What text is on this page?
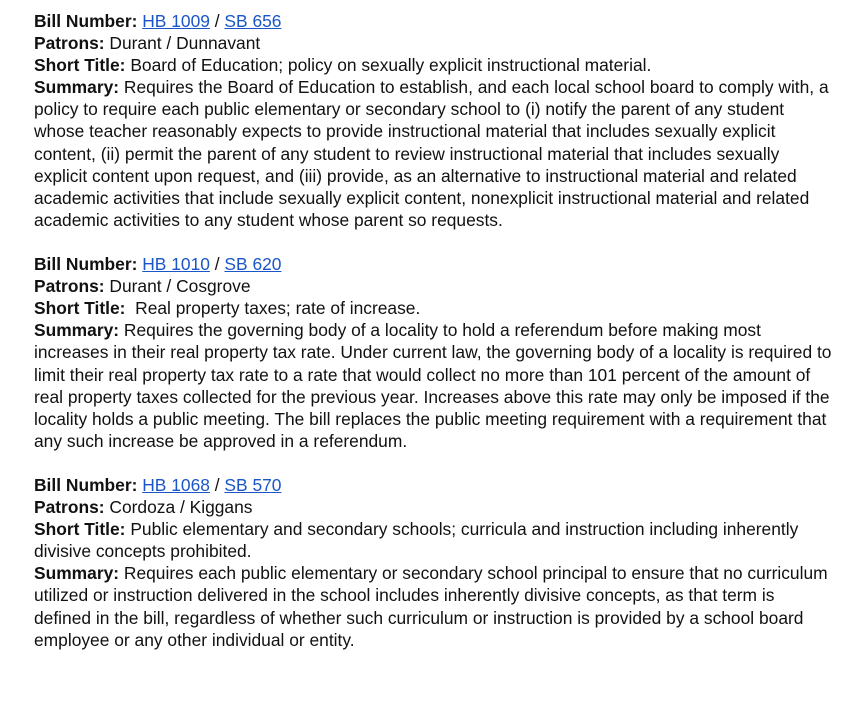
Bill Number: HB 1009 / SB 656
Patrons: Durant / Dunnavant
Short Title: Board of Education; policy on sexually explicit instructional material.
Summary: Requires the Board of Education to establish, and each local school board to comply with, a policy to require each public elementary or secondary school to (i) notify the parent of any student whose teacher reasonably expects to provide instructional material that includes sexually explicit content, (ii) permit the parent of any student to review instructional material that includes sexually explicit content upon request, and (iii) provide, as an alternative to instructional material and related academic activities that include sexually explicit content, nonexplicit instructional material and related academic activities to any student whose parent so requests.
Bill Number: HB 1010 / SB 620
Patrons: Durant / Cosgrove
Short Title: Real property taxes; rate of increase.
Summary: Requires the governing body of a locality to hold a referendum before making most increases in their real property tax rate. Under current law, the governing body of a locality is required to limit their real property tax rate to a rate that would collect no more than 101 percent of the amount of real property taxes collected for the previous year. Increases above this rate may only be imposed if the locality holds a public meeting. The bill replaces the public meeting requirement with a requirement that any such increase be approved in a referendum.
Bill Number: HB 1068 / SB 570
Patrons: Cordoza / Kiggans
Short Title: Public elementary and secondary schools; curricula and instruction including inherently divisive concepts prohibited.
Summary: Requires each public elementary or secondary school principal to ensure that no curriculum utilized or instruction delivered in the school includes inherently divisive concepts, as that term is defined in the bill, regardless of whether such curriculum or instruction is provided by a school board employee or any other individual or entity.
